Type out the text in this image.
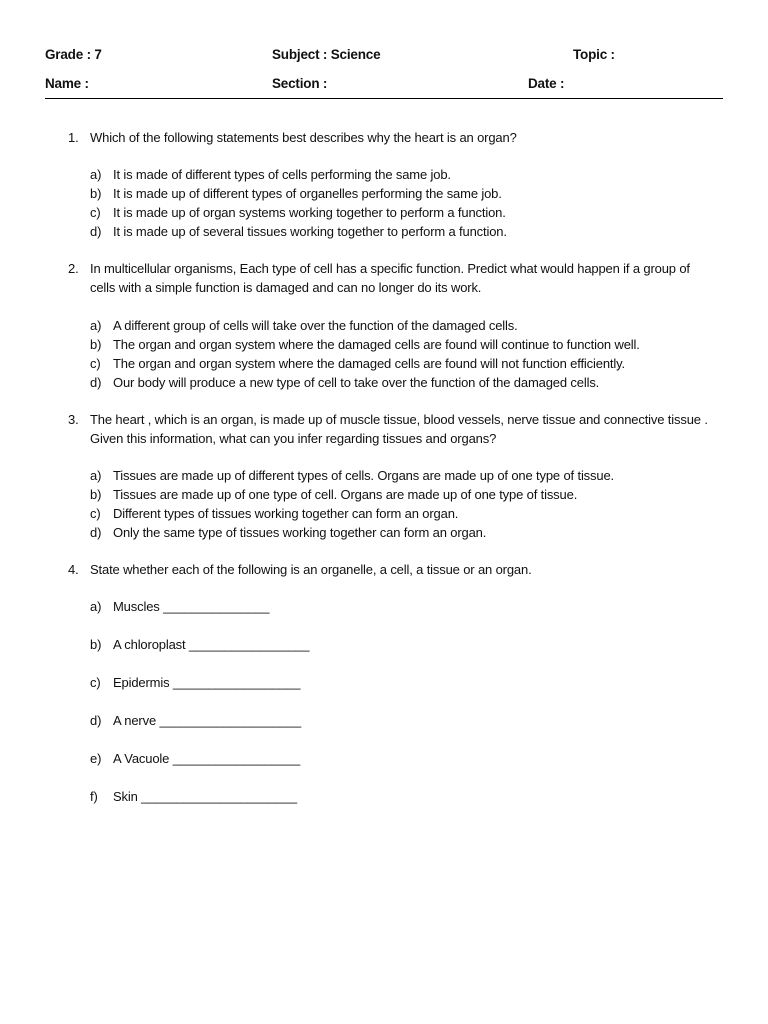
Grade : 7	Subject : Science	Topic :
Name :	Section :	Date :
1. Which of the following statements best describes why the heart is an organ?
a) It is made of different types of cells performing the same job.
b) It is made up of different types of organelles performing the same job.
c) It is made up of organ systems working together to perform a function.
d) It is made up of several tissues working together to perform a function.
2. In multicellular organisms, Each type of cell has a specific function. Predict what would happen if a group of cells with a simple function is damaged and can no longer do its work.
a) A different group of cells will take over the function of the damaged cells.
b) The organ and organ system where the damaged cells are found will continue to function well.
c) The organ and organ system where the damaged cells are found will not function efficiently.
d) Our body will produce a new type of cell to take over the function of the damaged cells.
3. The heart , which is an organ, is made up of muscle tissue, blood vessels, nerve tissue and connective tissue . Given this information, what can you infer regarding tissues and organs?
a) Tissues are made up of different types of cells. Organs are made up of one type of tissue.
b) Tissues are made up of one type of cell. Organs are made up of one type of tissue.
c) Different types of tissues working together can form an organ.
d) Only the same type of tissues working together can form an organ.
4. State whether each of the following is an organelle, a cell, a tissue or an organ.
a) Muscles _______________
b) A chloroplast _________________
c) Epidermis __________________
d) A nerve ____________________
e) A Vacuole __________________
f) Skin ______________________
